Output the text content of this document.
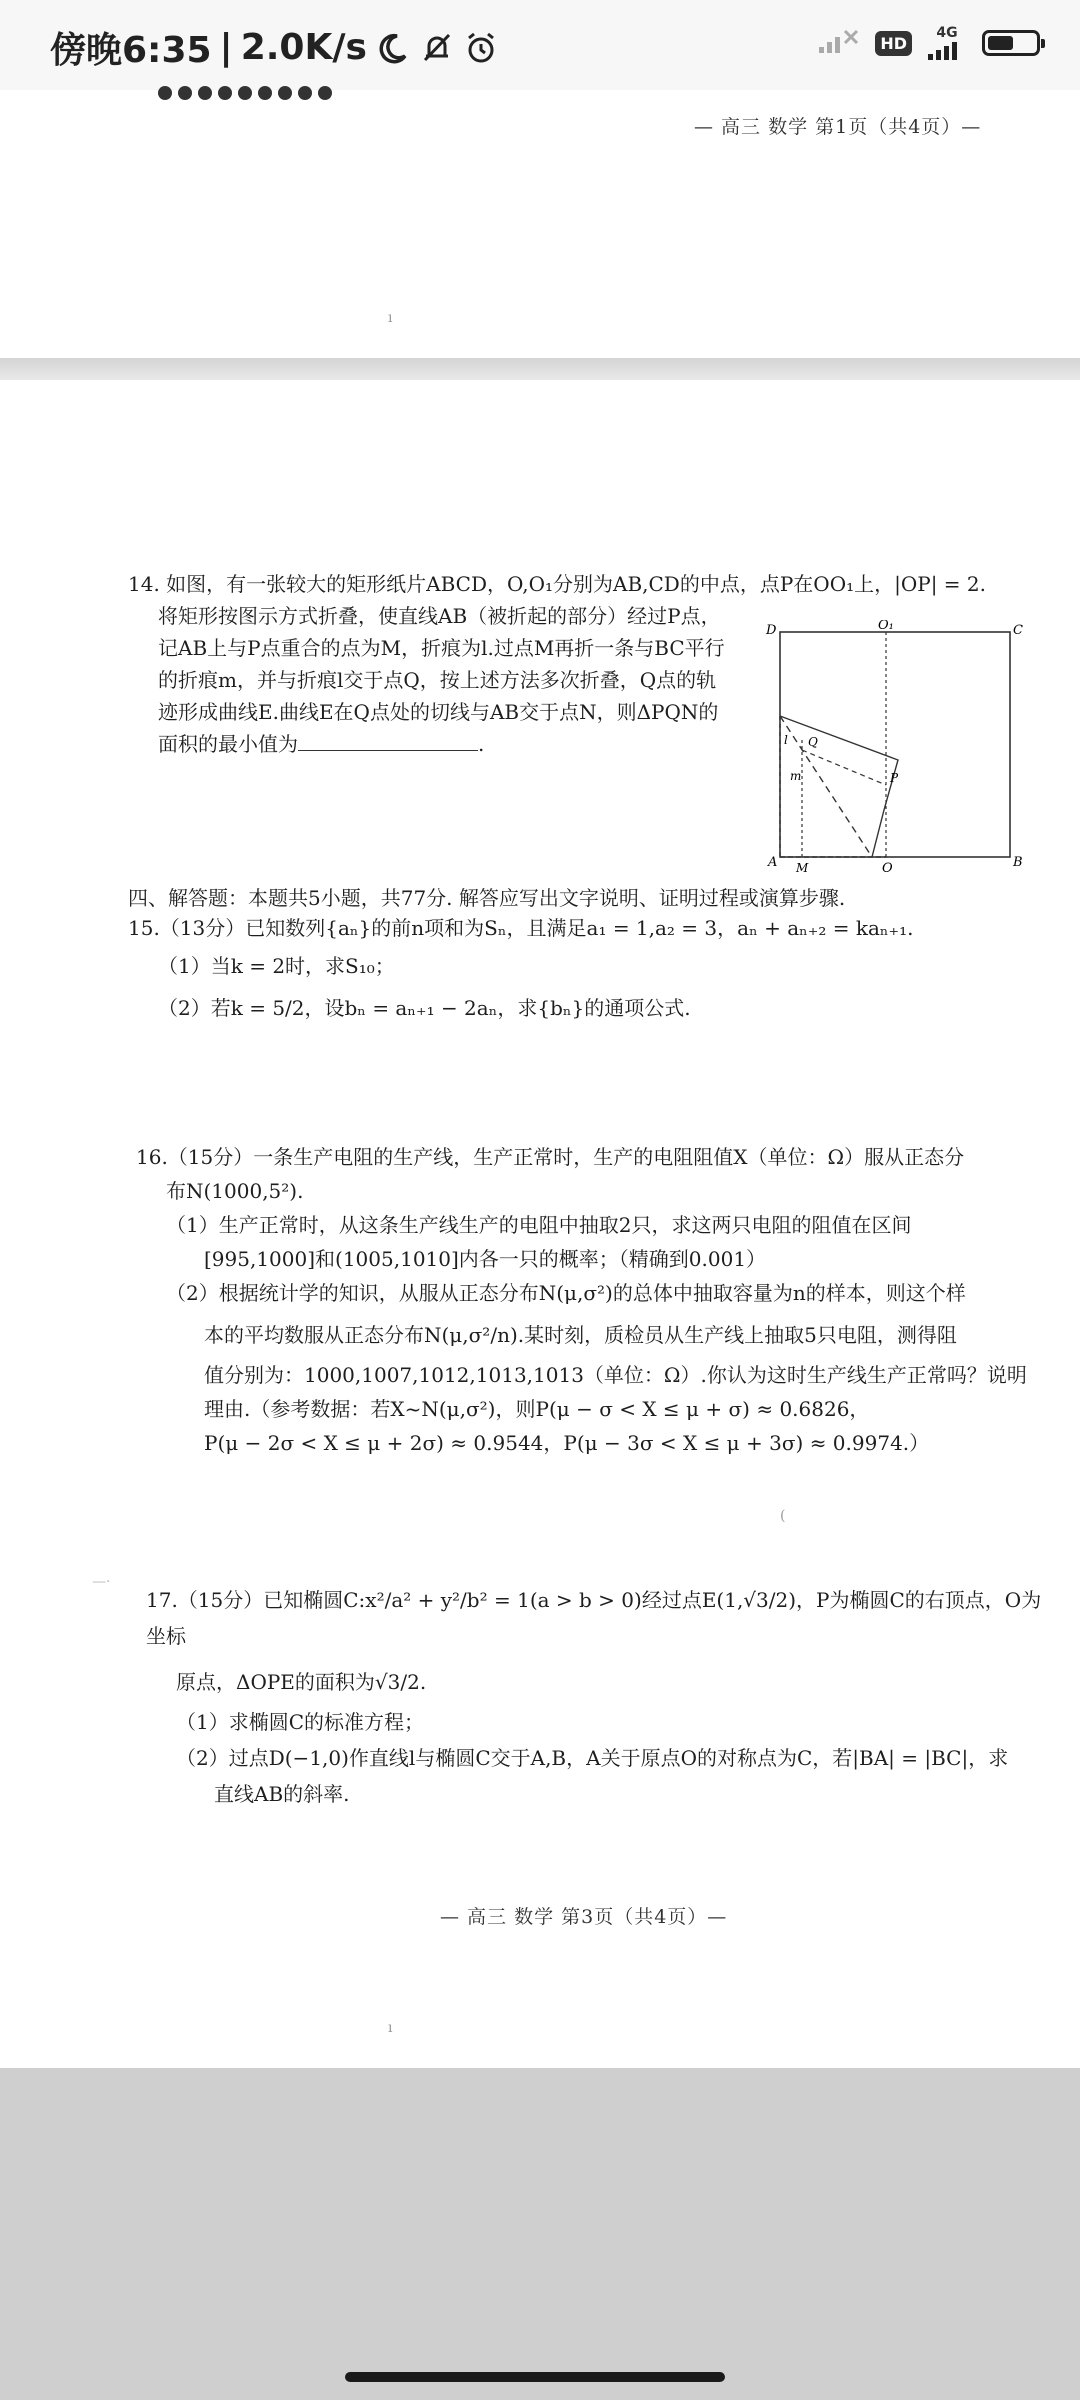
傍晚6:35 | 2.0K/s	HD
4G
— 高三 数学 第1页（共4页）—
ı

14. 如图，有一张较大的矩形纸片ABCD，O,O₁分别为AB,CD的中点，点P在OO₁上，|OP| = 2.

将矩形按图示方式折叠，使直线AB（被折起的部分）经过P点，

记AB上与P点重合的点为M，折痕为l.过点M再折一条与BC平行

的折痕m，并与折痕l交于点Q，按上述方法多次折叠，Q点的轨

迹形成曲线E.曲线E在Q点处的切线与AB交于点N，则ΔPQN的

面积的最小值为	.

D	O₁	C
A M	O	B
P
Q
l
m
四、解答题：本题共5小题，共77分. 解答应写出文字说明、证明过程或演算步骤.

15.（13分）已知数列{aₙ}的前n项和为Sₙ，且满足a₁ = 1,a₂ = 3，aₙ + aₙ₊₂ = kaₙ₊₁.

（1）当k = 2时，求S₁₀；

（2）若k = 5/2，设bₙ = aₙ₊₁ − 2aₙ，求{bₙ}的通项公式.

16.（15分）一条生产电阻的生产线，生产正常时，生产的电阻阻值X（单位：Ω）服从正态分

布N(1000,5²).

（1）生产正常时，从这条生产线生产的电阻中抽取2只，求这两只电阻的阻值在区间

[995,1000]和(1005,1010]内各一只的概率；（精确到0.001）

（2）根据统计学的知识，从服从正态分布N(μ,σ²)的总体中抽取容量为n的样本，则这个样

本的平均数服从正态分布N(μ,σ²/n).某时刻，质检员从生产线上抽取5只电阻，测得阻

值分别为：1000,1007,1012,1013,1013（单位：Ω）.你认为这时生产线生产正常吗？说明

理由.（参考数据：若X~N(μ,σ²)，则P(μ − σ < X ≤ μ + σ) ≈ 0.6826，

P(μ − 2σ < X ≤ μ + 2σ) ≈ 0.9544，P(μ − 3σ < X ≤ μ + 3σ) ≈ 0.9974.）

(
—·

17.（15分）已知椭圆C:x²/a² + y²/b² = 1(a > b > 0)经过点E(1,√3/2)，P为椭圆C的右顶点，O为坐标

原点，ΔOPE的面积为√3/2.

（1）求椭圆C的标准方程；

（2）过点D(−1,0)作直线l与椭圆C交于A,B，A关于原点O的对称点为C，若|BA| = |BC|，求

直线AB的斜率.

— 高三 数学 第3页（共4页）—
ı
